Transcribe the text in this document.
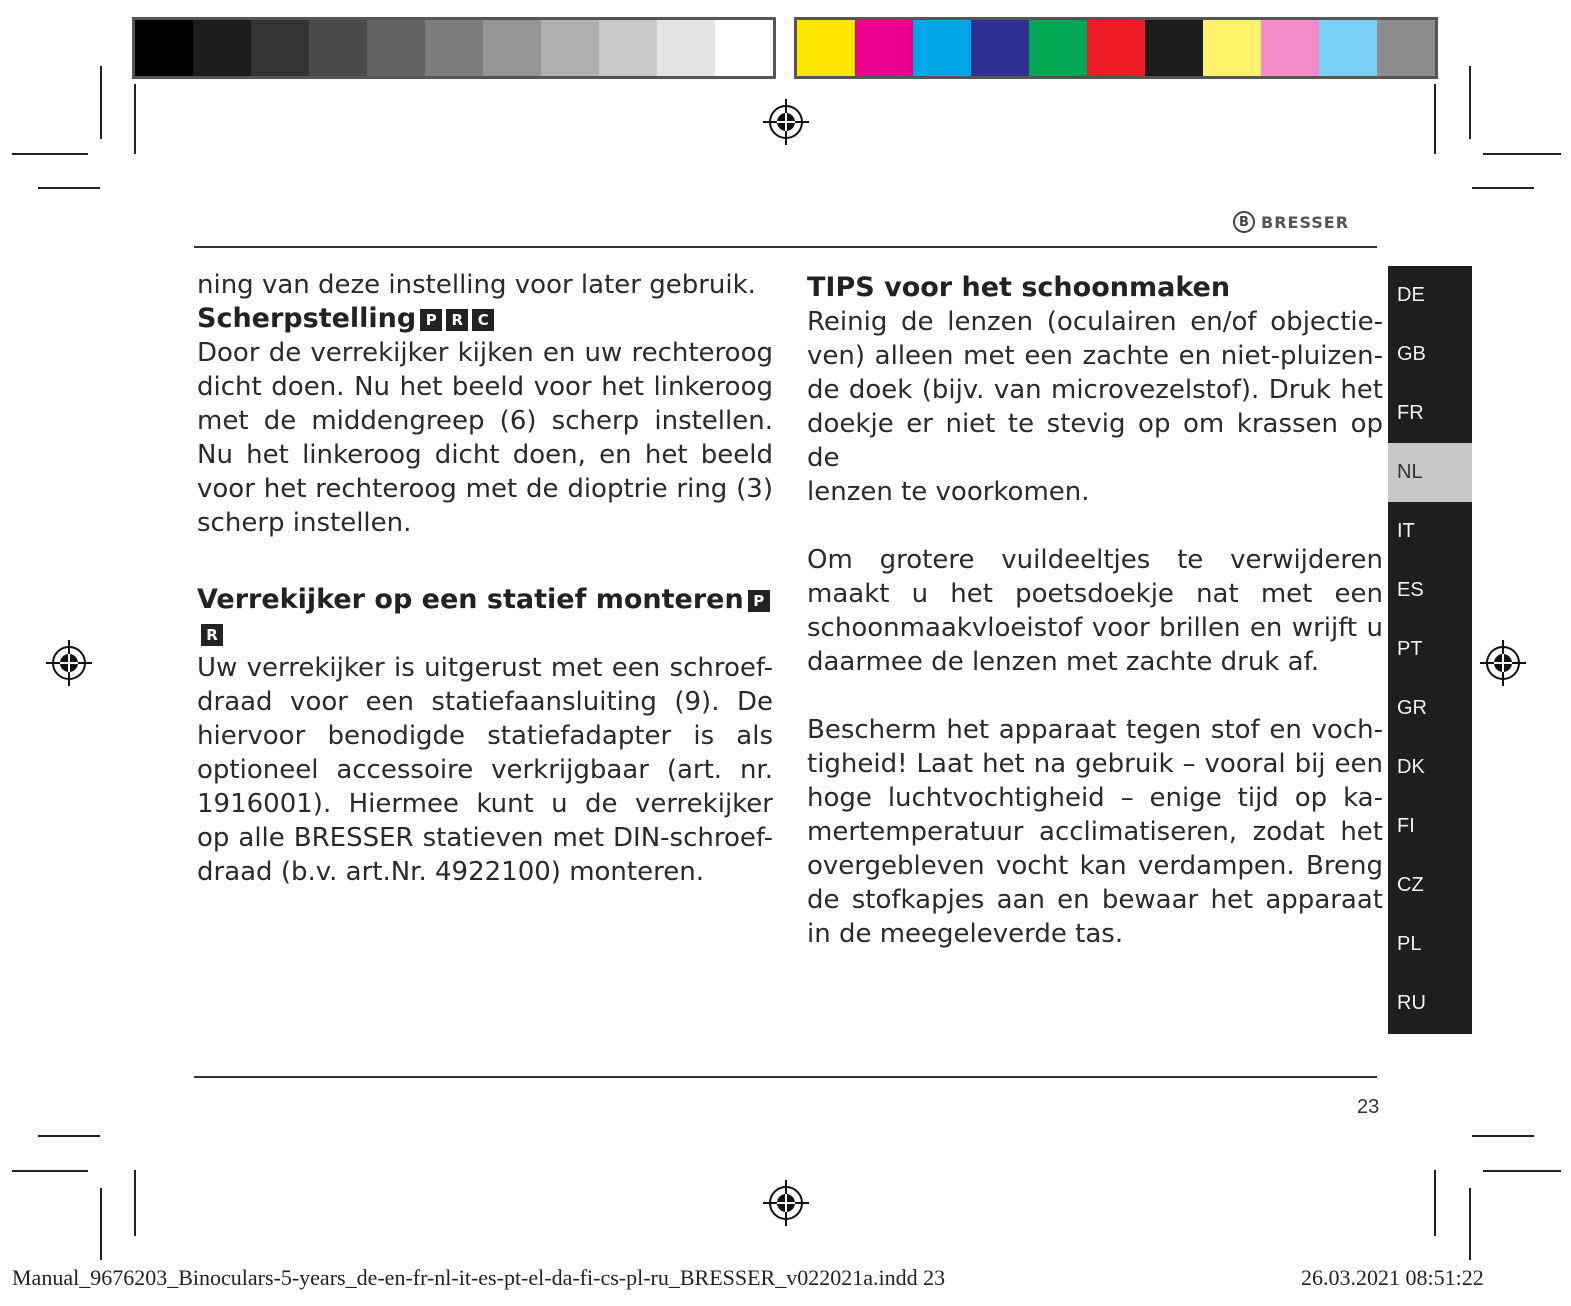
B BRESSER
ning van deze instelling voor later gebruik.
Scherpstelling P R C
Door de verrekijker kijken en uw rechteroog
dicht doen. Nu het beeld voor het linkeroog
met de middengreep (6) scherp instellen.
Nu het linkeroog dicht doen, en het beeld
voor het rechteroog met de dioptrie ring (3)
scherp instellen.
Verrekijker op een statief monteren PR
Uw verrekijker is uitgerust met een schroef-
draad voor een statiefaansluiting (9). De
hiervoor benodigde statiefadapter is als
optioneel accessoire verkrijgbaar (art. nr.
1916001). Hiermee kunt u de verrekijker
op alle BRESSER statieven met DIN-schroef-
draad (b.v. art.Nr. 4922100) monteren.
TIPS voor het schoonmaken
Reinig de lenzen (oculairen en/of objectie-
ven) alleen met een zachte en niet-pluizen-
de doek (bijv. van microvezelstof). Druk het
doekje er niet te stevig op om krassen op de
lenzen te voorkomen.
Om grotere vuildeeltjes te verwijderen
maakt u het poetsdoekje nat met een
schoonmaakvloeistof voor brillen en wrijft u
daarmee de lenzen met zachte druk af.
Bescherm het apparaat tegen stof en voch-
tigheid! Laat het na gebruik – vooral bij een
hoge luchtvochtigheid – enige tijd op ka-
mertemperatuur acclimatiseren, zodat het
overgebleven vocht kan verdampen. Breng
de stofkapjes aan en bewaar het apparaat
in de meegeleverde tas.
DE
GB
FR
NL
IT
ES
PT
GR
DK
FI
CZ
PL
RU
23
Manual_9676203_Binoculars-5-years_de-en-fr-nl-it-es-pt-el-da-fi-cs-pl-ru_BRESSER_v022021a.indd 23	26.03.2021 08:51:22
